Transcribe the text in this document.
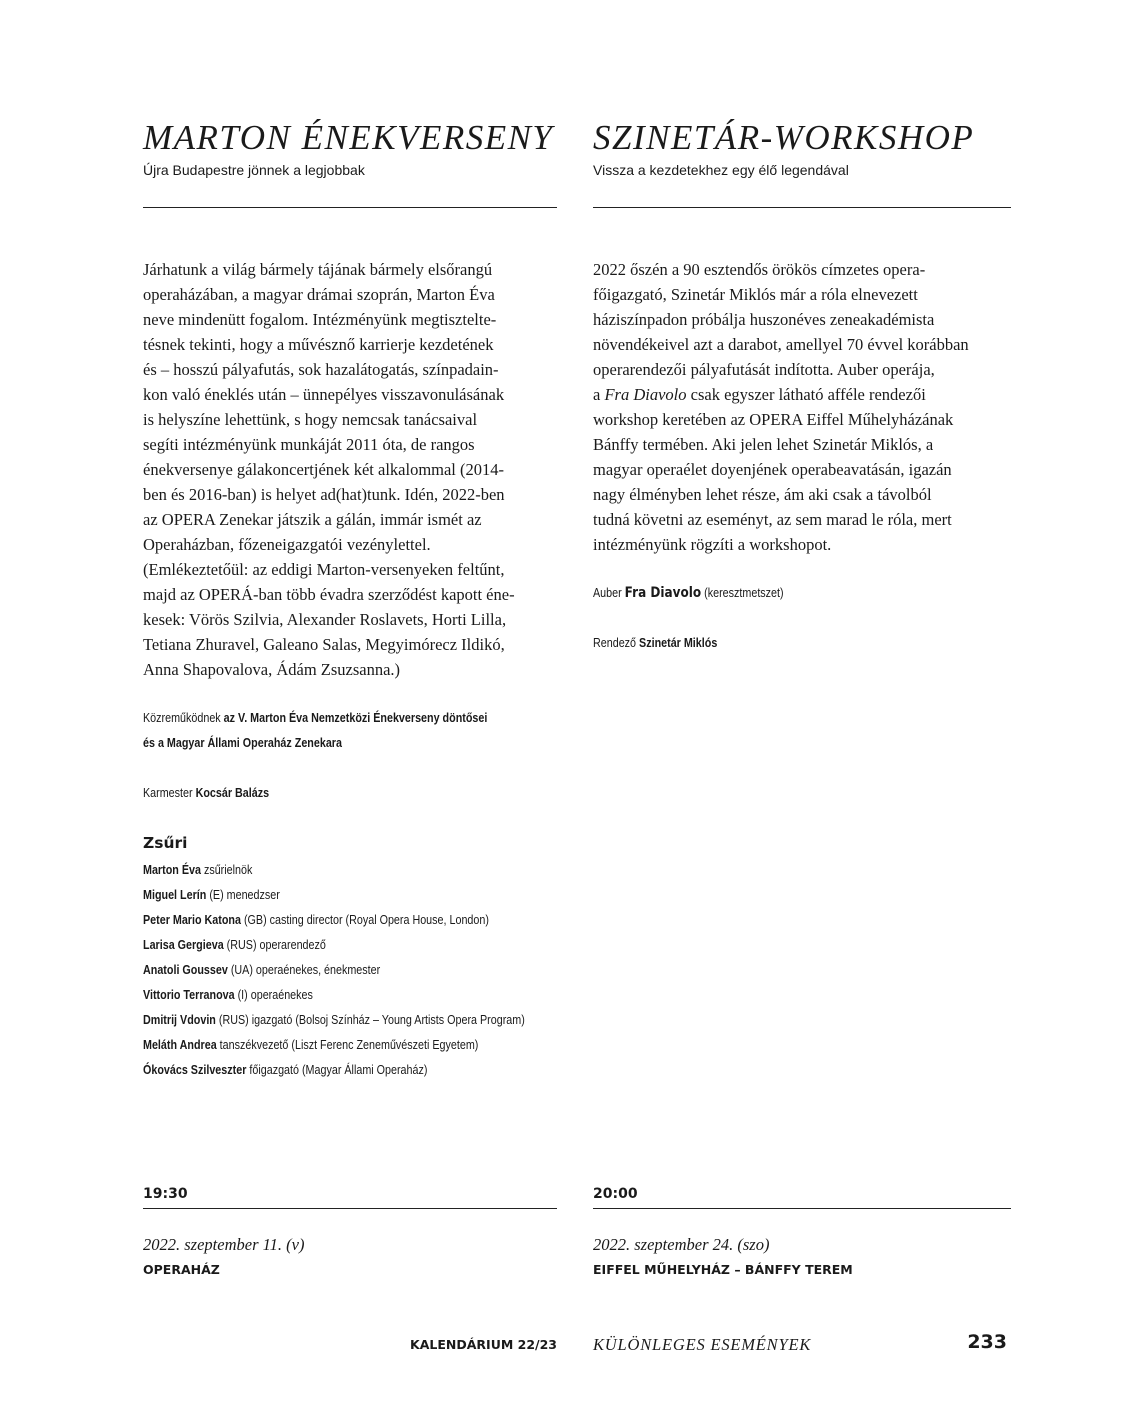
MARTON ÉNEKVERSENY

Újra Budapestre jönnek a legjobbak

Járhatunk a világ bármely tájának bármely elsőrangú
operaházában, a magyar drámai szoprán, Marton Éva
neve mindenütt fogalom. Intézményünk megtisztelte-
tésnek tekinti, hogy a művésznő karrierje kezdetének
és – hosszú pályafutás, sok hazalátogatás, színpadain-
kon való éneklés után – ünnepélyes visszavonulásának
is helyszíne lehettünk, s hogy nemcsak tanácsaival
segíti intézményünk munkáját 2011 óta, de rangos
énekversenye gálakoncertjének két alkalommal (2014-
ben és 2016-ban) is helyet ad(hat)tunk. Idén, 2022-ben
az OPERA Zenekar játszik a gálán, immár ismét az
Operaházban, főzeneigazgatói vezénylettel.
(Emlékeztetőül: az eddigi Marton-versenyeken feltűnt,
majd az OPERÁ-ban több évadra szerződést kapott éne-
kesek: Vörös Szilvia, Alexander Roslavets, Horti Lilla,
Tetiana Zhuravel, Galeano Salas, Megyimórecz Ildikó,
Anna Shapovalova, Ádám Zsuzsanna.)

Közreműködnek az V. Marton Éva Nemzetközi Énekverseny döntősei

és a Magyar Állami Operaház Zenekara

Karmester Kocsár Balázs

Zsűri
Marton Éva zsűrielnök
Miguel Lerín (E) menedzser
Peter Mario Katona (GB) casting director (Royal Opera House, London)
Larisa Gergieva (RUS) operarendező
Anatoli Goussev (UA) operaénekes, énekmester
Vittorio Terranova (I) operaénekes
Dmitrij Vdovin (RUS) igazgató (Bolsoj Színház – Young Artists Opera Program)
Meláth Andrea tanszékvezető (Liszt Ferenc Zeneművészeti Egyetem)
Ókovács Szilveszter főigazgató (Magyar Állami Operaház)

19:30

2022. szeptember 11. (v)

OPERAHÁZ

SZINETÁR-WORKSHOP

Vissza a kezdetekhez egy élő legendával

2022 őszén a 90 esztendős örökös címzetes opera-
főigazgató, Szinetár Miklós már a róla elnevezett
háziszínpadon próbálja huszonéves zeneakadémista
növendékeivel azt a darabot, amellyel 70 évvel korábban
operarendezői pályafutását indította. Auber operája,
a Fra Diavolo csak egyszer látható afféle rendezői
workshop keretében az OPERA Eiffel Műhelyházának
Bánffy termében. Aki jelen lehet Szinetár Miklós, a
magyar operaélet doyenjének operabeavatásán, igazán
nagy élményben lehet része, ám aki csak a távolból
tudná követni az eseményt, az sem marad le róla, mert
intézményünk rögzíti a workshopot.

Auber Fra Diavolo (keresztmetszet)

Rendező Szinetár Miklós

20:00

2022. szeptember 24. (szo)

EIFFEL MŰHELYHÁZ – BÁNFFY TEREM

KALENDÁRIUM 22/23 KÜLÖNLEGES ESEMÉNYEK	233
